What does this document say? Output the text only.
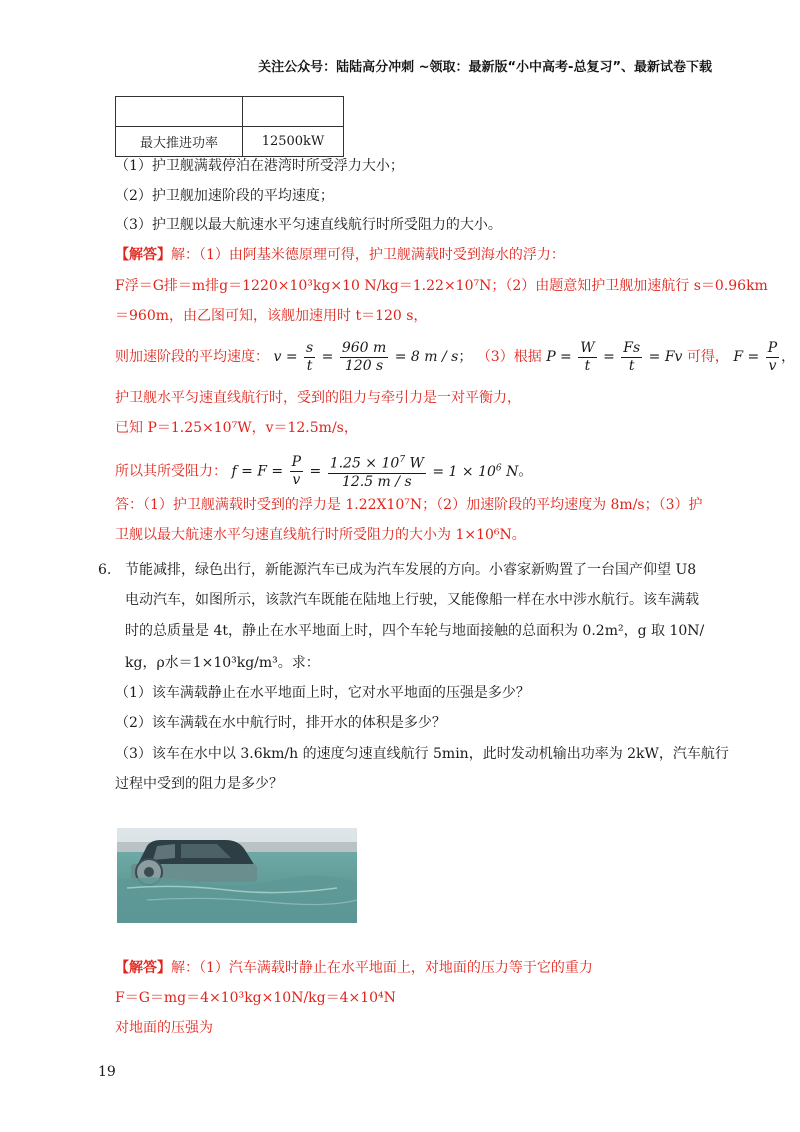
关注公众号：陆陆高分冲刺 ~领取：最新版“小中高考-总复习”、最新试卷下载

最大推进功率	12500kW
（1）护卫舰满载停泊在港湾时所受浮力大小；
（2）护卫舰加速阶段的平均速度；
（3）护卫舰以最大航速水平匀速直线航行时所受阻力的大小。
【解答】解：（1）由阿基米德原理可得，护卫舰满载时受到海水的浮力：
F浮＝G排＝m排g＝1220×10³kg×10 N/kg＝1.22×10⁷N；（2）由题意知护卫舰加速航行 s＝0.96km
＝960m，由乙图可知，该舰加速用时 t＝120 s，
则加速阶段的平均速度： $v = \frac{s}{t} = \frac{960 m}{120 s} = 8$ m / s； （3）根据 $P = \frac{W}{t} = \frac{Fs}{t} = Fv$ 可得， $F = \frac{P}{v}$ ，
护卫舰水平匀速直线航行时，受到的阻力与牵引力是一对平衡力，
已知 P＝1.25×10⁷W，v＝12.5m/s，
所以其所受阻力： $f = F = \frac{P}{v} = \frac{1.25 \times 10^7 W}{12.5 m / s} = 1 \times 10^6$ N。
答：（1）护卫舰满载时受到的浮力是 1.22X10⁷N；（2）加速阶段的平均速度为 8m/s；（3）护
卫舰以最大航速水平匀速直线航行时所受阻力的大小为 1×10⁶N。
6. 节能减排，绿色出行，新能源汽车已成为汽车发展的方向。小睿家新购置了一台国产仰望 U8
电动汽车，如图所示，该款汽车既能在陆地上行驶，又能像船一样在水中涉水航行。该车满载
时的总质量是 4t，静止在水平地面上时，四个车轮与地面接触的总面积为 0.2m²，g 取 10N/
kg，ρ水＝1×10³kg/m³。求：
（1）该车满载静止在水平地面上时，它对水平地面的压强是多少？
（2）该车满载在水中航行时，排开水的体积是多少？
（3）该车在水中以 3.6km/h 的速度匀速直线航行 5min，此时发动机输出功率为 2kW，汽车航行
过程中受到的阻力是多少？
【解答】解：（1）汽车满载时静止在水平地面上，对地面的压力等于它的重力
F＝G＝mg＝4×10³kg×10N/kg＝4×10⁴N
对地面的压强为
19
